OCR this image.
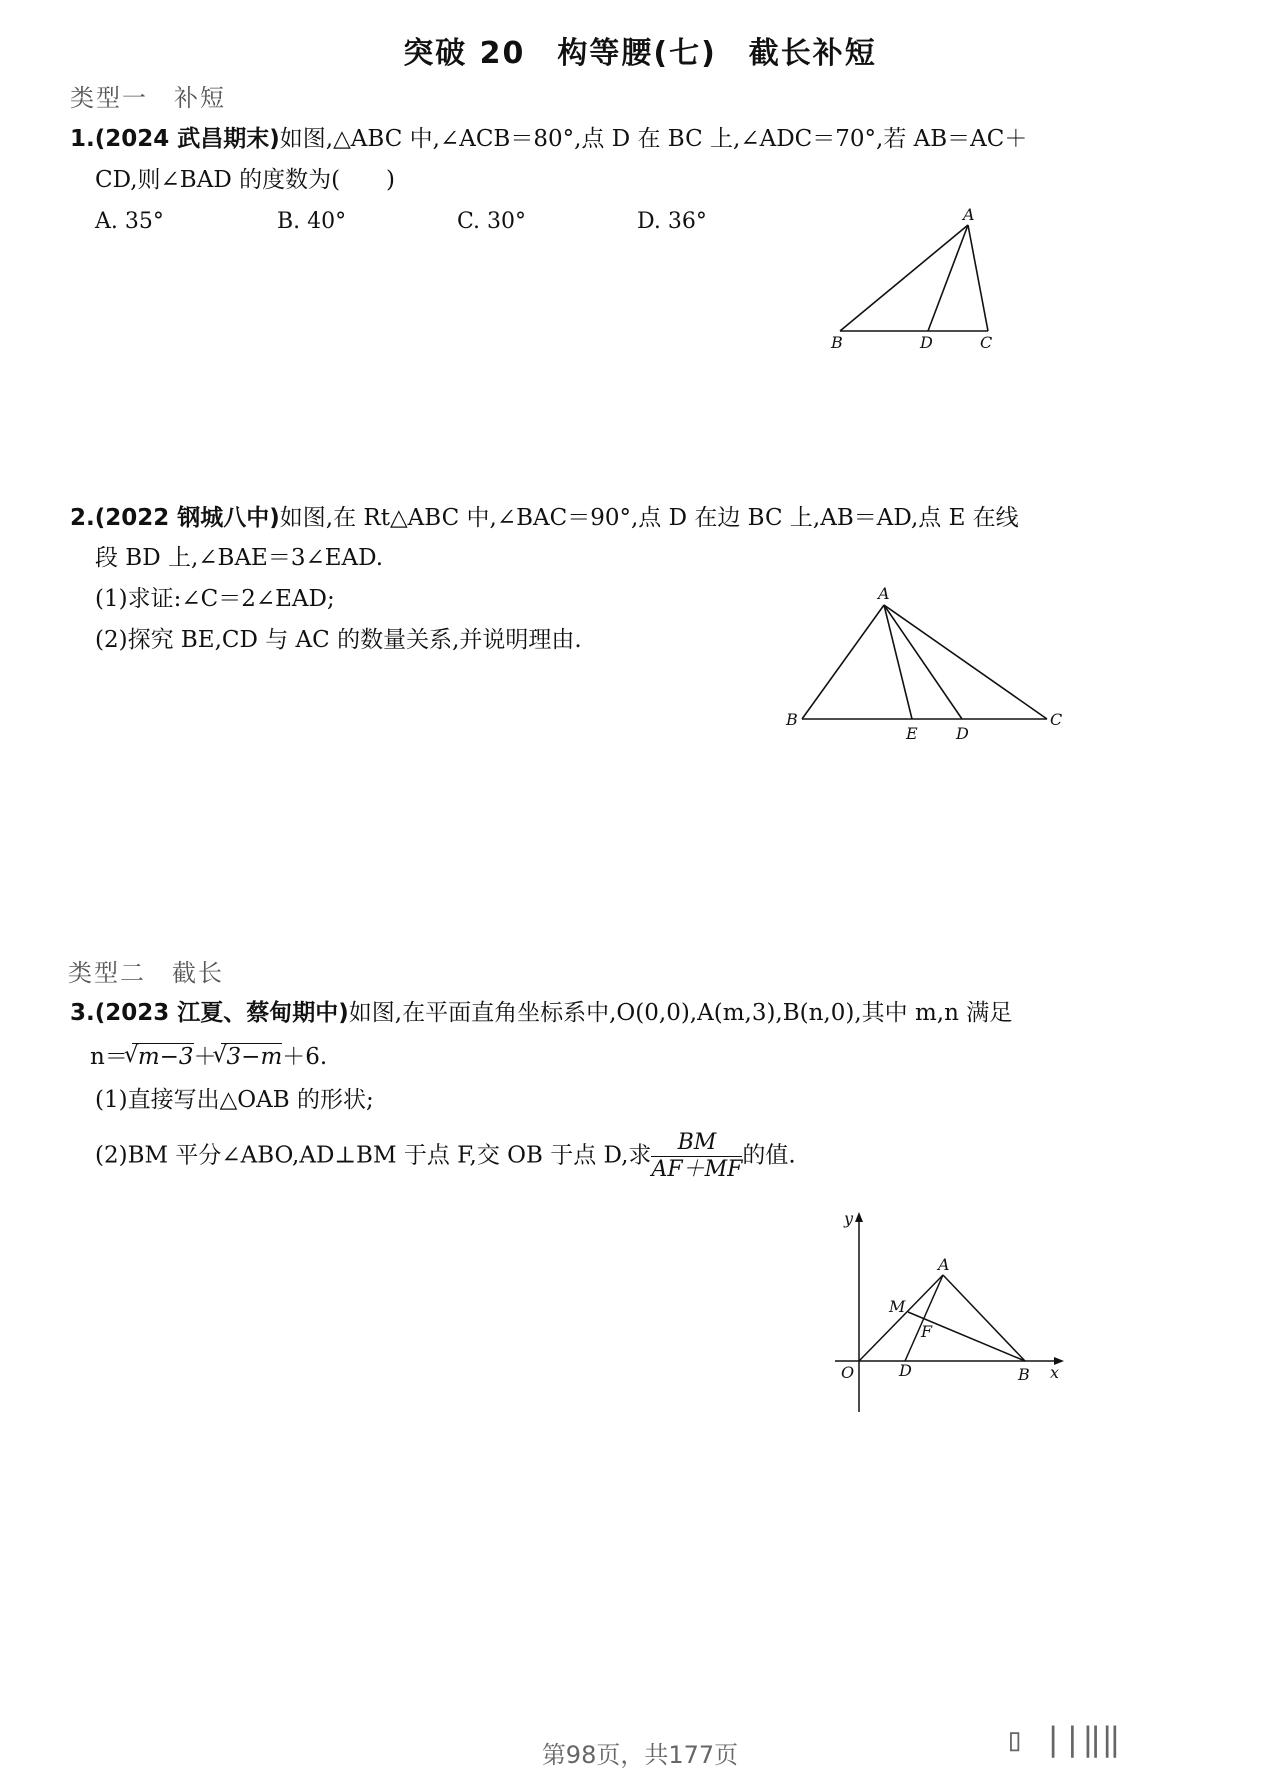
突破 20　构等腰(七)　截长补短
类型一　补短
1.(2024 武昌期末)如图,△ABC 中,∠ACB＝80°,点 D 在 BC 上,∠ADC＝70°,若 AB＝AC＋
CD,则∠BAD 的度数为(　　)
A. 35°	B. 40°	C. 30°	D. 36°	A
B	D	C
2.(2022 钢城八中)如图,在 Rt△ABC 中,∠BAC＝90°,点 D 在边 BC 上,AB＝AD,点 E 在线
段 BD 上,∠BAE＝3∠EAD.
(1)求证:∠C＝2∠EAD;
(2)探究 BE,CD 与 AC 的数量关系,并说明理由.
A
B
E D
C
类型二　截长
3.(2023 江夏、蔡甸期中)如图,在平面直角坐标系中,O(0,0),A(m,3),B(n,0),其中 m,n 满足
n＝
√ m−3＋
√ 3−m＋6.
(1)直接写出△OAB 的形状;
(2)BM 平分∠ABO,AD⊥BM 于点 F,交 OB 于点 D,求 $\frac{BM}{AF+MF}$ 的值.
y
x
O
A
B
D
M
F
第98页，共177页	▯ ||‖‖
